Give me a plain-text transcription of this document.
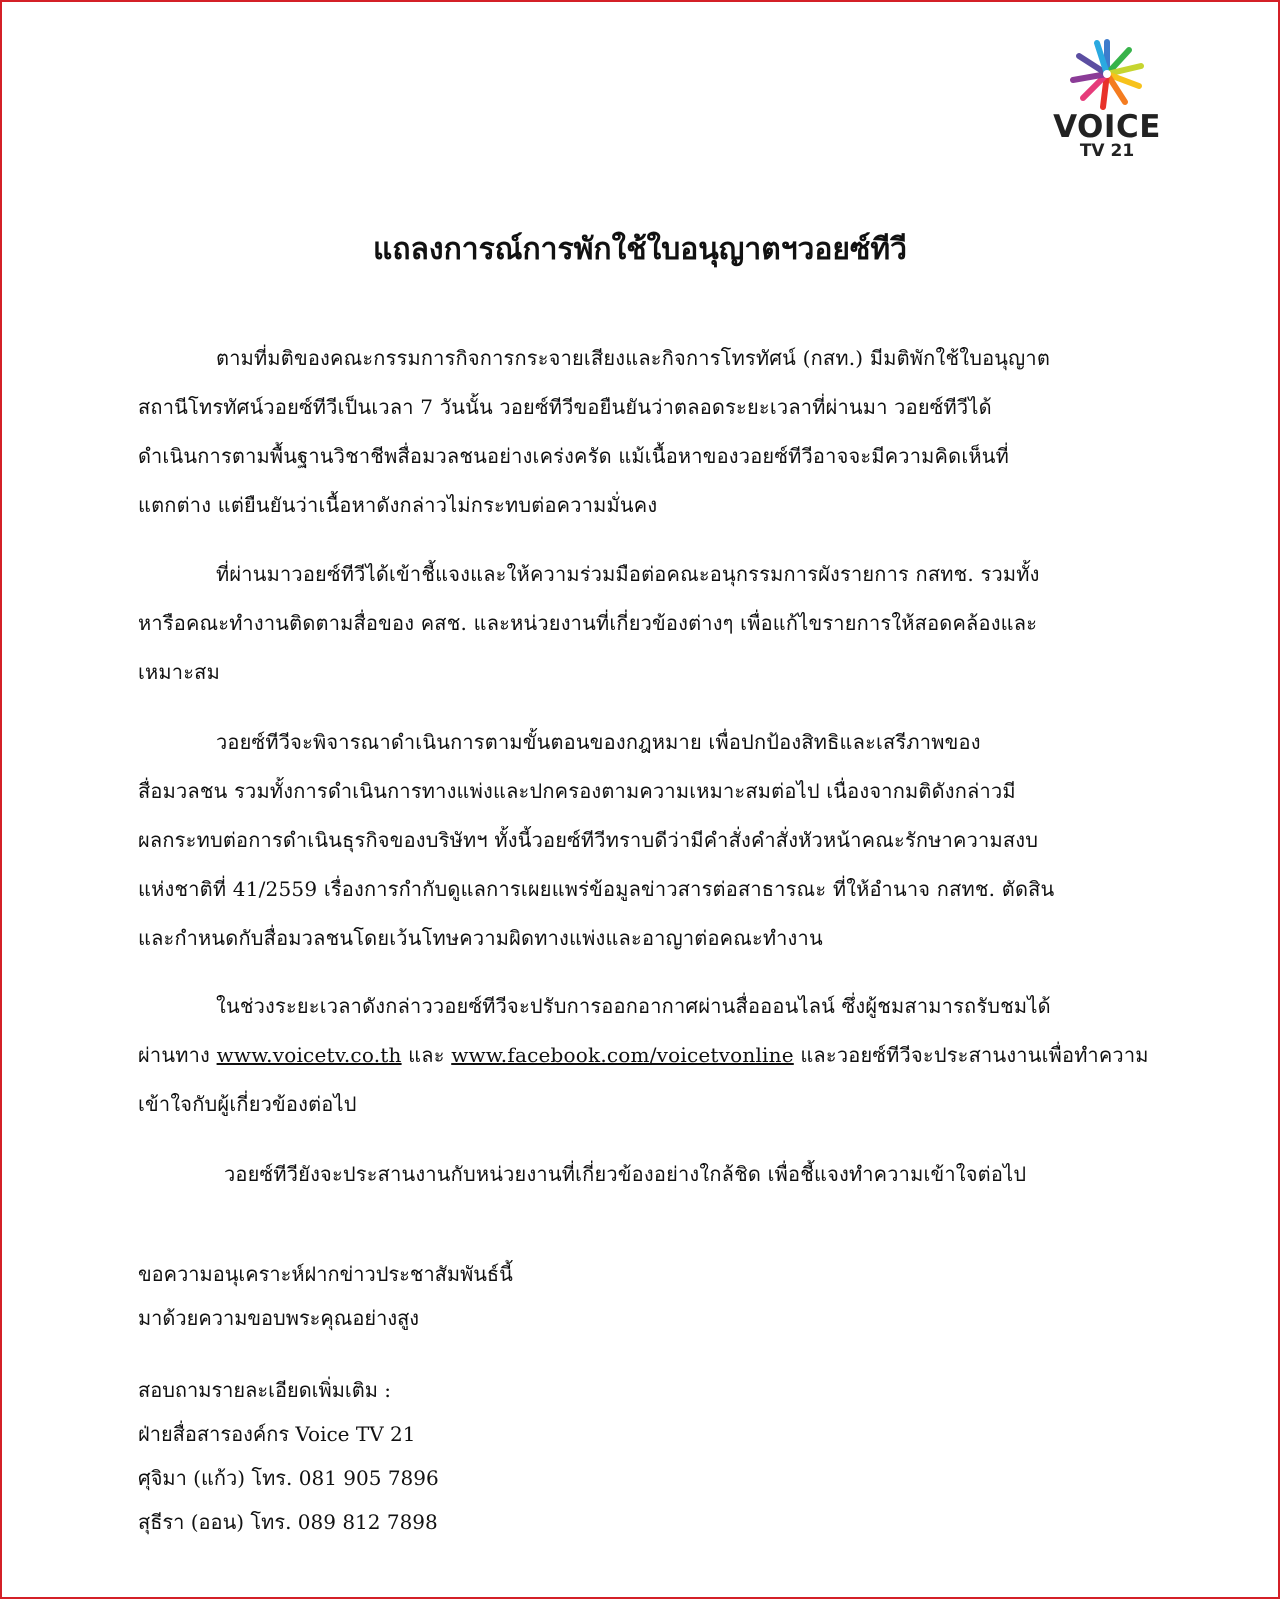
VOICE
TV 21
แถลงการณ์การพักใช้ใบอนุญาตฯวอยซ์ทีวี
ตามที่มติของคณะกรรมการกิจการกระจายเสียงและกิจการโทรทัศน์ (กสท.) มีมติพักใช้ใบอนุญาต
สถานีโทรทัศน์วอยซ์ทีวีเป็นเวลา 7 วันนั้น วอยซ์ทีวีขอยืนยันว่าตลอดระยะเวลาที่ผ่านมา วอยซ์ทีวีได้
ดำเนินการตามพื้นฐานวิชาชีพสื่อมวลชนอย่างเคร่งครัด แม้เนื้อหาของวอยซ์ทีวีอาจจะมีความคิดเห็นที่
แตกต่าง แต่ยืนยันว่าเนื้อหาดังกล่าวไม่กระทบต่อความมั่นคง
ที่ผ่านมาวอยซ์ทีวีได้เข้าชี้แจงและให้ความร่วมมือต่อคณะอนุกรรมการผังรายการ กสทช. รวมทั้ง
หารือคณะทำงานติดตามสื่อของ คสช. และหน่วยงานที่เกี่ยวข้องต่างๆ เพื่อแก้ไขรายการให้สอดคล้องและ
เหมาะสม
วอยซ์ทีวีจะพิจารณาดำเนินการตามขั้นตอนของกฎหมาย เพื่อปกป้องสิทธิและเสรีภาพของ
สื่อมวลชน รวมทั้งการดำเนินการทางแพ่งและปกครองตามความเหมาะสมต่อไป เนื่องจากมติดังกล่าวมี
ผลกระทบต่อการดำเนินธุรกิจของบริษัทฯ ทั้งนี้วอยซ์ทีวีทราบดีว่ามีคำสั่งคำสั่งหัวหน้าคณะรักษาความสงบ
แห่งชาติที่ 41/2559 เรื่องการกำกับดูแลการเผยแพร่ข้อมูลข่าวสารต่อสาธารณะ ที่ให้อำนาจ กสทช. ตัดสิน
และกำหนดกับสื่อมวลชนโดยเว้นโทษความผิดทางแพ่งและอาญาต่อคณะทำงาน
ในช่วงระยะเวลาดังกล่าววอยซ์ทีวีจะปรับการออกอากาศผ่านสื่อออนไลน์ ซึ่งผู้ชมสามารถรับชมได้
ผ่านทาง www.voicetv.co.th และ www.facebook.com/voicetvonline และวอยซ์ทีวีจะประสานงานเพื่อทำความ
เข้าใจกับผู้เกี่ยวข้องต่อไป
วอยซ์ทีวียังจะประสานงานกับหน่วยงานที่เกี่ยวข้องอย่างใกล้ชิด เพื่อชี้แจงทำความเข้าใจต่อไป
ขอความอนุเคราะห์ฝากข่าวประชาสัมพันธ์นี้
มาด้วยความขอบพระคุณอย่างสูง
สอบถามรายละเอียดเพิ่มเติม :
ฝ่ายสื่อสารองค์กร Voice TV 21
ศุจิมา (แก้ว) โทร. 081 905 7896
สุธีรา (ออน) โทร. 089 812 7898
